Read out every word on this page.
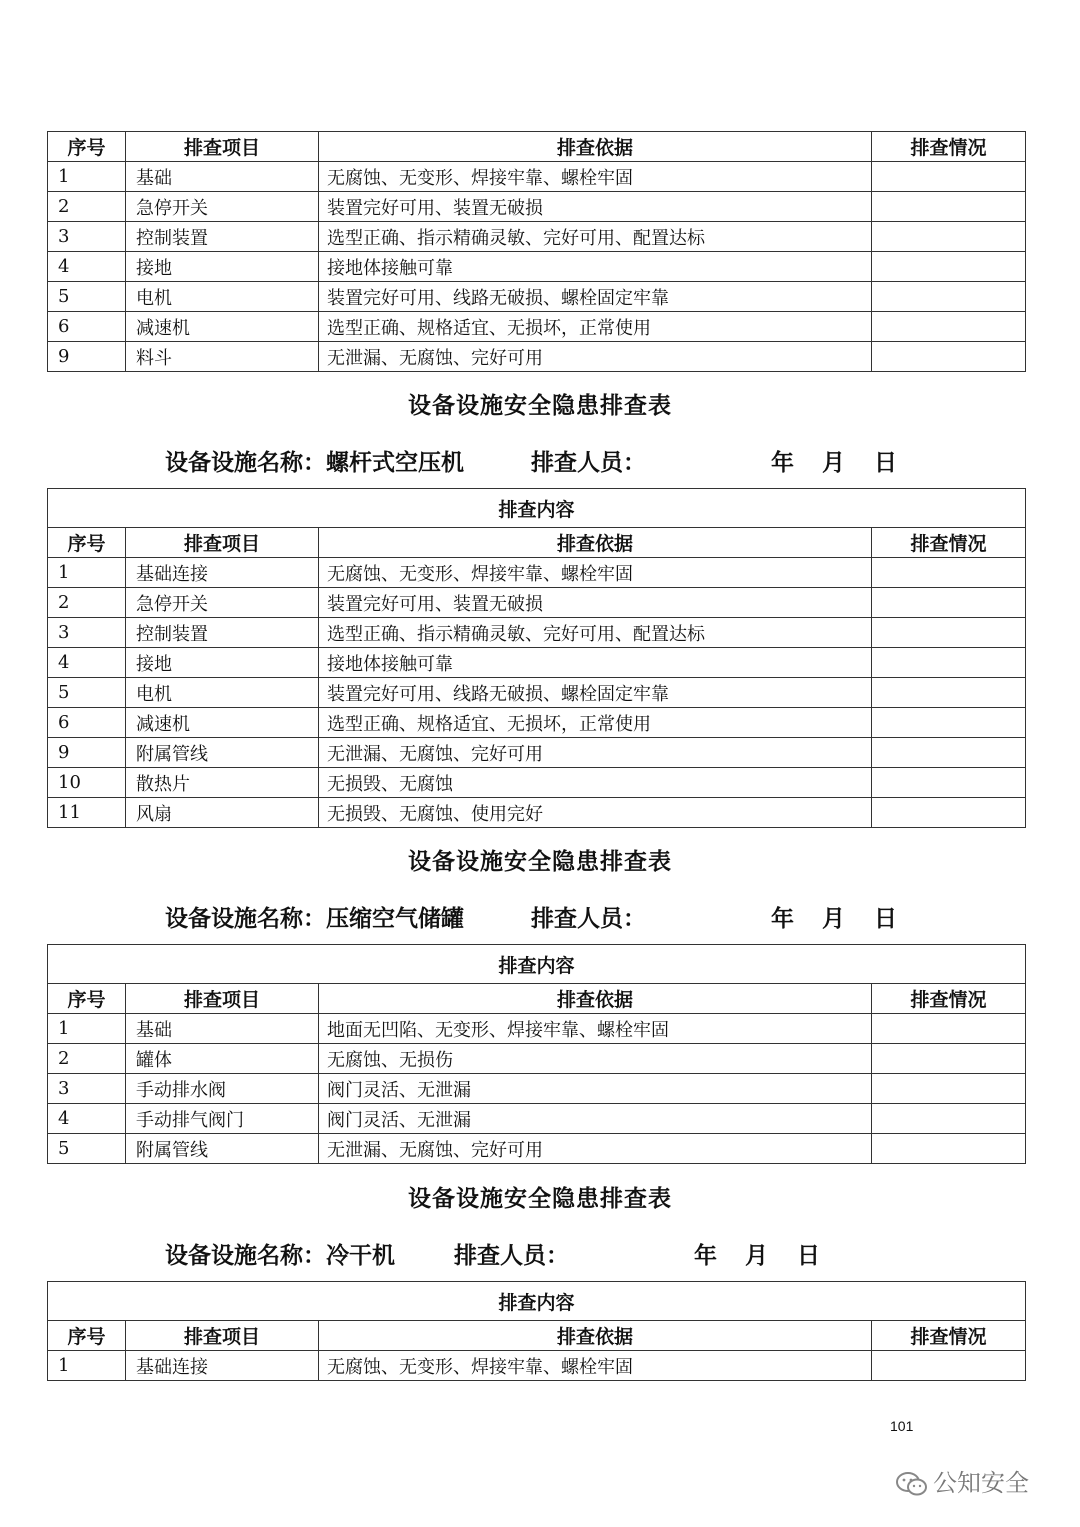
序号	排查项目	排查依据	排查情况
1	基础	无腐蚀、无变形、焊接牢靠、螺栓牢固	
2	急停开关	装置完好可用、装置无破损	
3	控制装置	选型正确、指示精确灵敏、完好可用、配置达标	
4	接地	接地体接触可靠	
5	电机	装置完好可用、线路无破损、螺栓固定牢靠	
6	减速机	选型正确、规格适宜、无损坏，正常使用	
9	料斗	无泄漏、无腐蚀、完好可用	
设备设施安全隐患排查表
设备设施名称：螺杆式空压机	排查人员：	年 月 日
排查内容			
序号	排查项目	排查依据	排查情况
1	基础连接	无腐蚀、无变形、焊接牢靠、螺栓牢固	
2	急停开关	装置完好可用、装置无破损	
3	控制装置	选型正确、指示精确灵敏、完好可用、配置达标	
4	接地	接地体接触可靠	
5	电机	装置完好可用、线路无破损、螺栓固定牢靠	
6	减速机	选型正确、规格适宜、无损坏，正常使用	
9	附属管线	无泄漏、无腐蚀、完好可用	
10	散热片	无损毁、无腐蚀	
11	风扇	无损毁、无腐蚀、使用完好	
设备设施安全隐患排查表
设备设施名称：压缩空气储罐	排查人员：	年 月 日
排查内容			
序号	排查项目	排查依据	排查情况
1	基础	地面无凹陷、无变形、焊接牢靠、螺栓牢固	
2	罐体	无腐蚀、无损伤	
3	手动排水阀	阀门灵活、无泄漏	
4	手动排气阀门	阀门灵活、无泄漏	
5	附属管线	无泄漏、无腐蚀、完好可用	
设备设施安全隐患排查表
设备设施名称：冷干机	排查人员：	年 月 日
排查内容			
序号	排查项目	排查依据	排查情况
1	基础连接	无腐蚀、无变形、焊接牢靠、螺栓牢固	
101
公知安全
